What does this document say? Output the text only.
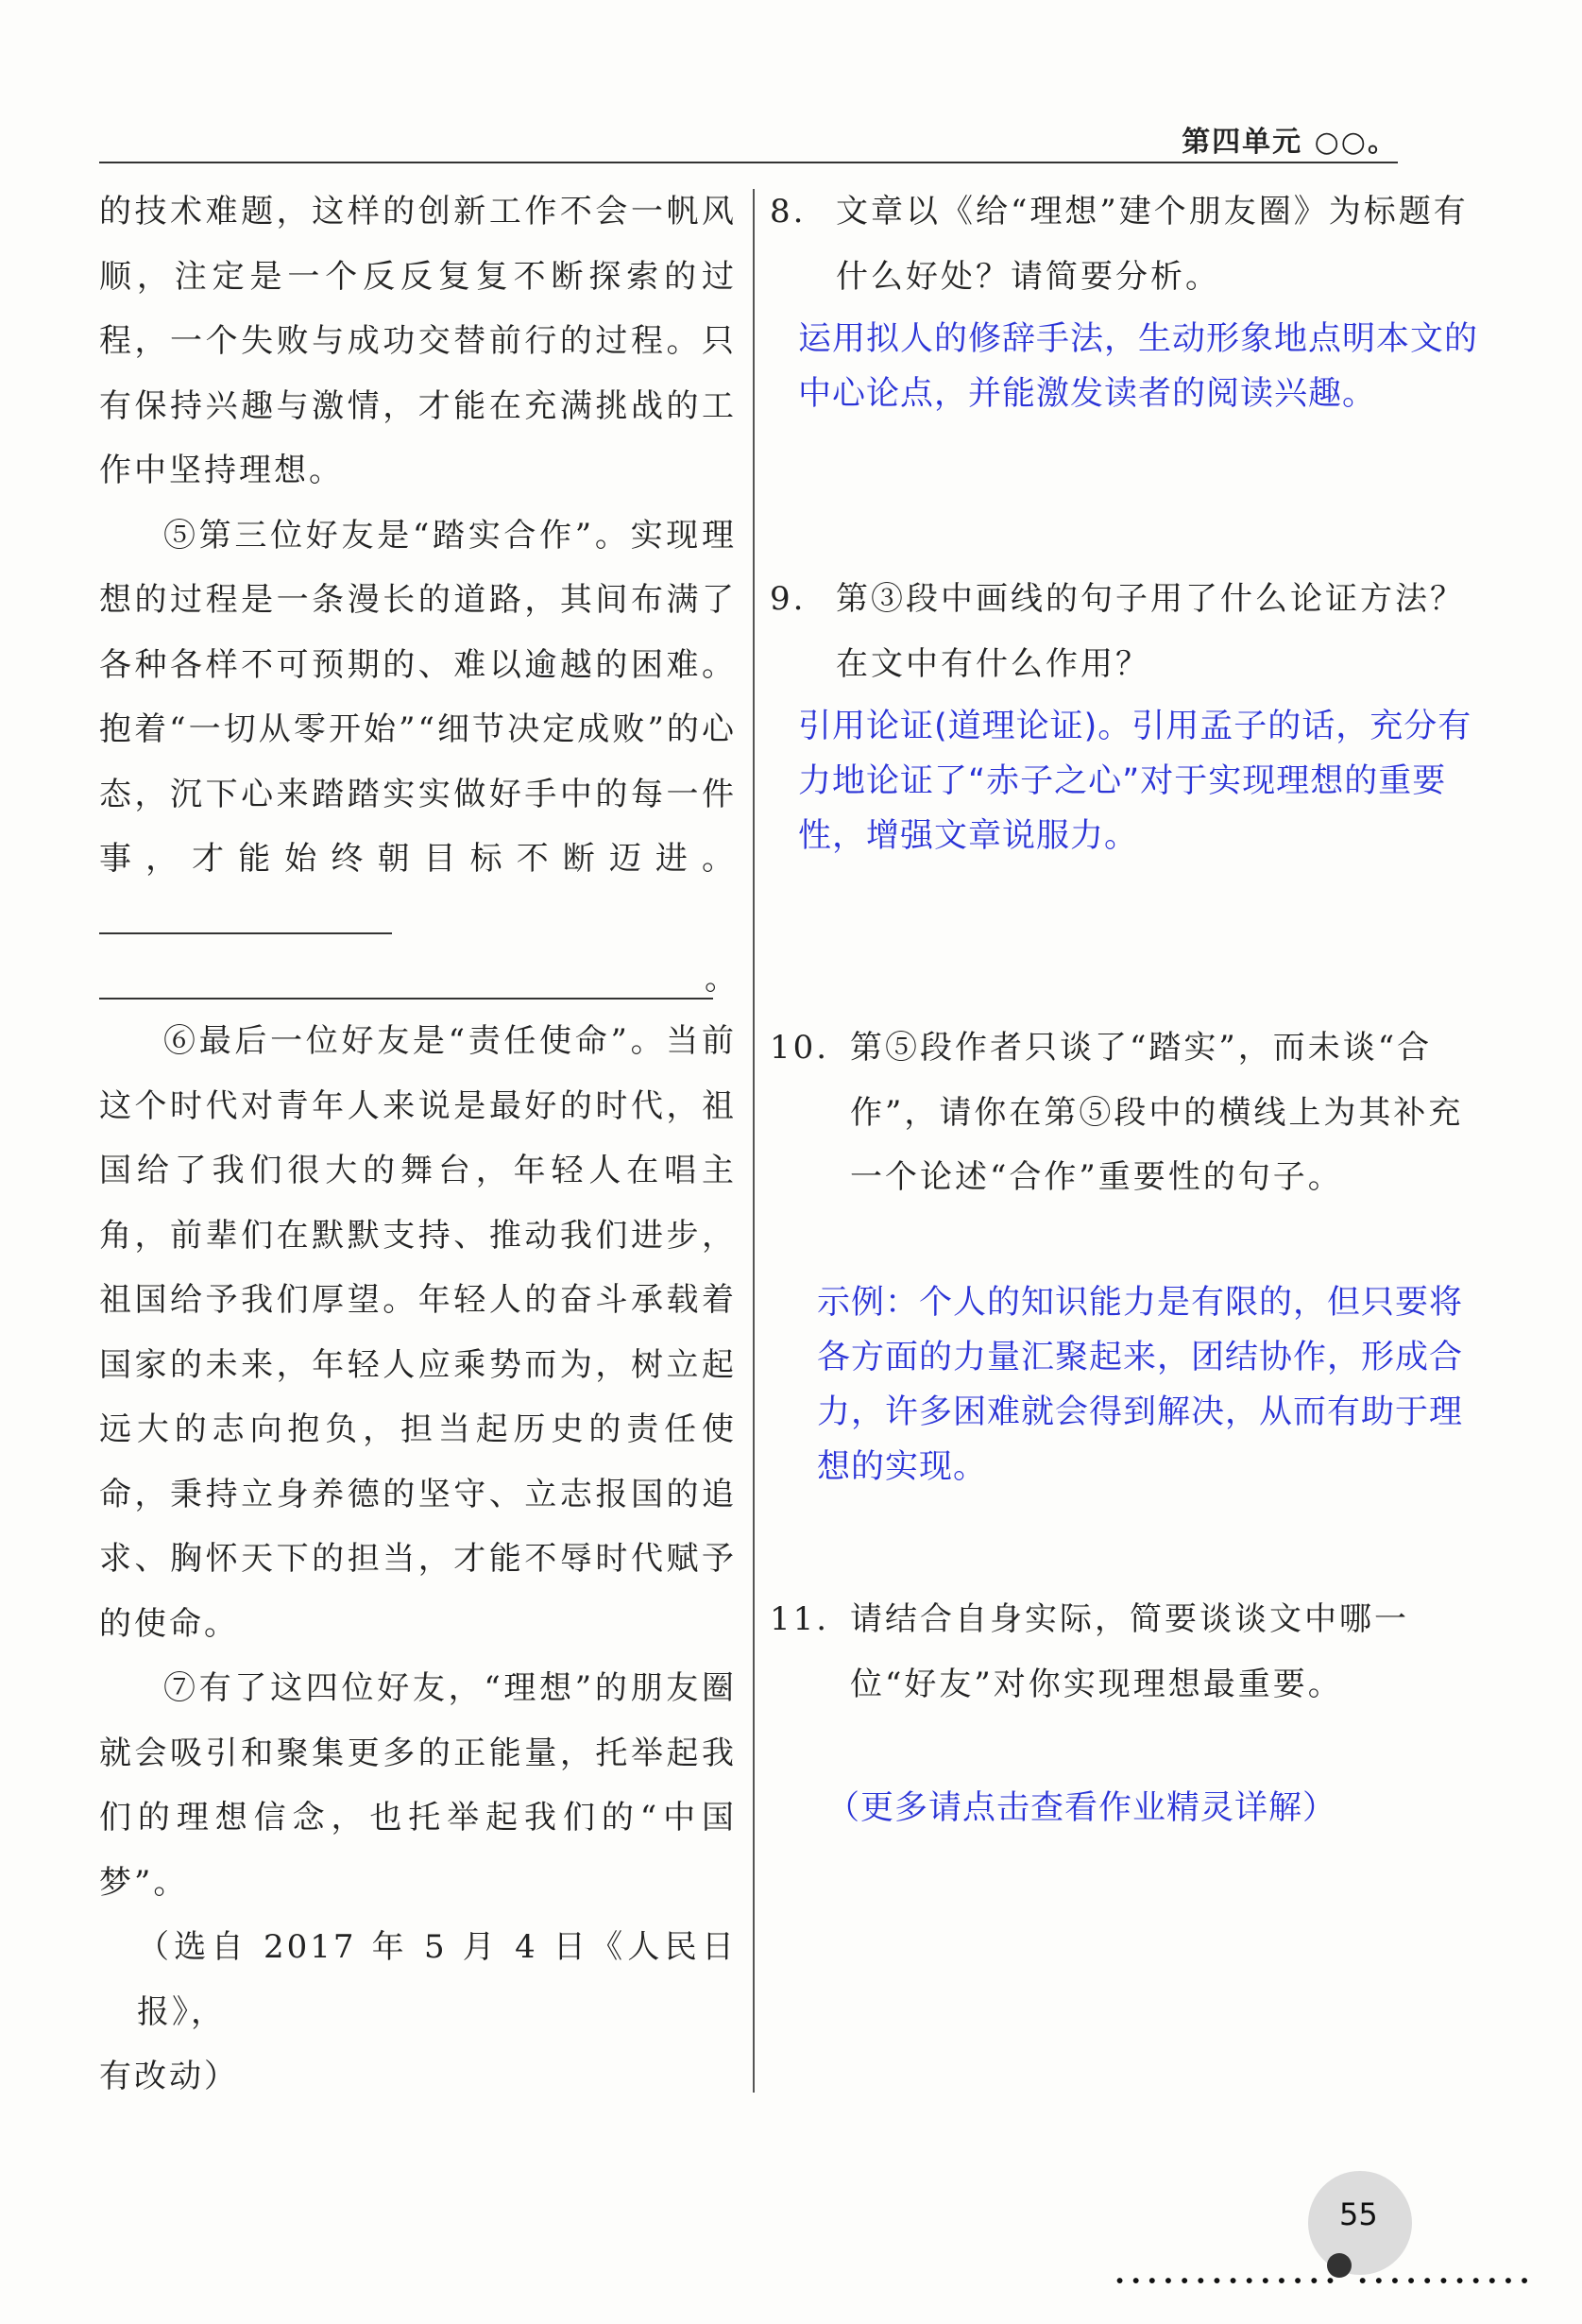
第四单元 ○○。

的技术难题，这样的创新工作不会一帆风顺，注定是一个反反复复不断探索的过程，一个失败与成功交替前行的过程。只有保持兴趣与激情，才能在充满挑战的工作中坚持理想。

⑤第三位好友是“踏实合作”。实现理想的过程是一条漫长的道路，其间布满了各种各样不可预期的、难以逾越的困难。抱着“一切从零开始”“细节决定成败”的心态，沉下心来踏踏实实做好手中的每一件事，才能始终朝目标不断迈进。

。

⑥最后一位好友是“责任使命”。当前这个时代对青年人来说是最好的时代，祖国给了我们很大的舞台，年轻人在唱主角，前辈们在默默支持、推动我们进步，祖国给予我们厚望。年轻人的奋斗承载着国家的未来，年轻人应乘势而为，树立起远大的志向抱负，担当起历史的责任使命，秉持立身养德的坚守、立志报国的追求、胸怀天下的担当，才能不辱时代赋予的使命。

⑦有了这四位好友，“理想”的朋友圈就会吸引和聚集更多的正能量，托举起我们的理想信念，也托举起我们的“中国梦”。

（选自 2017 年 5 月 4 日《人民日报》，

有改动）

8. 文章以《给“理想”建个朋友圈》为标题有什么好处？请简要分析。

运用拟人的修辞手法，生动形象地点明本文的中心论点，并能激发读者的阅读兴趣。
9. 第③段中画线的句子用了什么论证方法？在文中有什么作用？

引用论证(道理论证)。引用孟子的话，充分有力地论证了“赤子之心”对于实现理想的重要性，增强文章说服力。
10. 第⑤段作者只谈了“踏实”，而未谈“合作”，请你在第⑤段中的横线上为其补充一个论述“合作”重要性的句子。

示例：个人的知识能力是有限的，但只要将各方面的力量汇聚起来，团结协作，形成合力，许多困难就会得到解决，从而有助于理想的实现。
11. 请结合自身实际，简要谈谈文中哪一位“好友”对你实现理想最重要。

（更多请点击查看作业精灵详解）
55
·············· ···········
